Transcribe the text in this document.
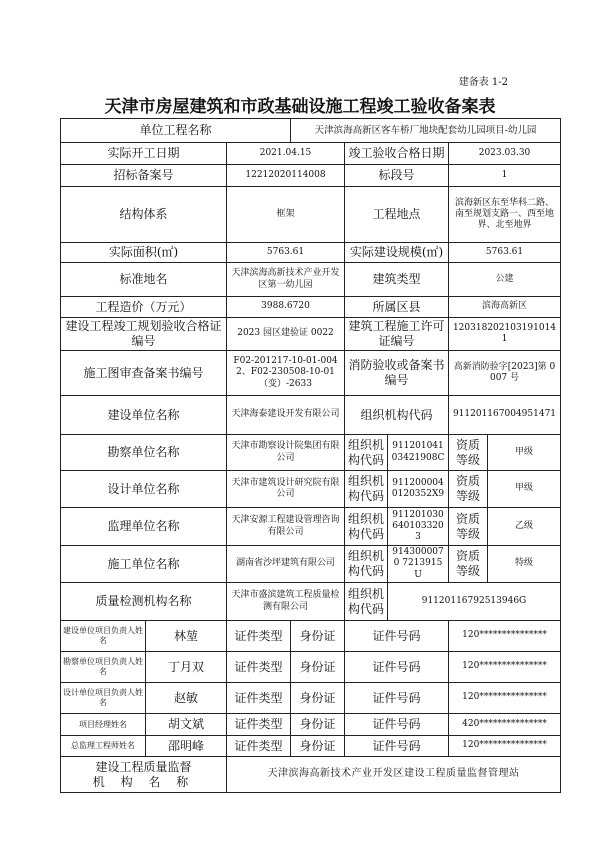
建备表 1-2
天津市房屋建筑和市政基础设施工程竣工验收备案表
单位工程名称			天津滨海高新区客车桥厂地块配套幼儿园项目-幼儿园				
实际开工日期		2021.04.15		竣工验收合格日期		2023.03.30	
招标备案号		12212020114008		标段号		1	
结构体系		框架		工程地点		滨海新区东至华科二路、南至规划支路一、西至地界、北至地界	
实际面积(㎡)		5763.61		实际建设规模(㎡)		5763.61	
标准地名		天津滨海高新技术产业开发区第一幼儿园		建筑类型		公建	
工程造价（万元）		3988.6720		所属区县		滨海高新区	
建设工程竣工规划验收合格证编号		2023 园区建验证 0022		建筑工程施工许可证编号		120318202103191014​1	
施工图审查备案书编号		F02-201217-10-01-0042、F02-230508-10-01（变）-2633		消防验收或备案书编号		高新消防验字[2023]第 0007 号	
建设单位名称		天津海泰建设开发有限公司		组织机构代码		91120116700495147​1	
勘察单位名称		天津市勘察设计院集团有限公司		组织机构代码	91120104103421908C	资质等级	甲级
设计单位名称		天津市建筑设计研究院有限公司		组织机构代码	9112000040120352X9	资质等级	甲级
监理单位名称		天津安源工程建设管理咨询有限公司		组织机构代码	9112010306401033203	资质等级	乙级
施工单位名称		湖南省沙坪建筑有限公司		组织机构代码	9143000070 7213915U	资质等级	特级
质量检测机构名称		天津市盛滨建筑工程质量检测有限公司		组织机构代码	91120116792513946G		
建设单位项目负责人姓名	林堃	证件类型	身份证	证件号码		120***************	
勘察单位项目负责人姓名	丁月双	证件类型	身份证	证件号码		120***************	
设计单位项目负责人姓名	赵敏	证件类型	身份证	证件号码		120***************	
项目经理姓名	胡文斌	证件类型	身份证	证件号码		420***************	
总监理工程师姓名	邵明峰	证件类型	身份证	证件号码		120***************	

建设工程质量监督
机 构 名 称		天津滨海高新技术产业开发区建设工程质量监督管理站					
